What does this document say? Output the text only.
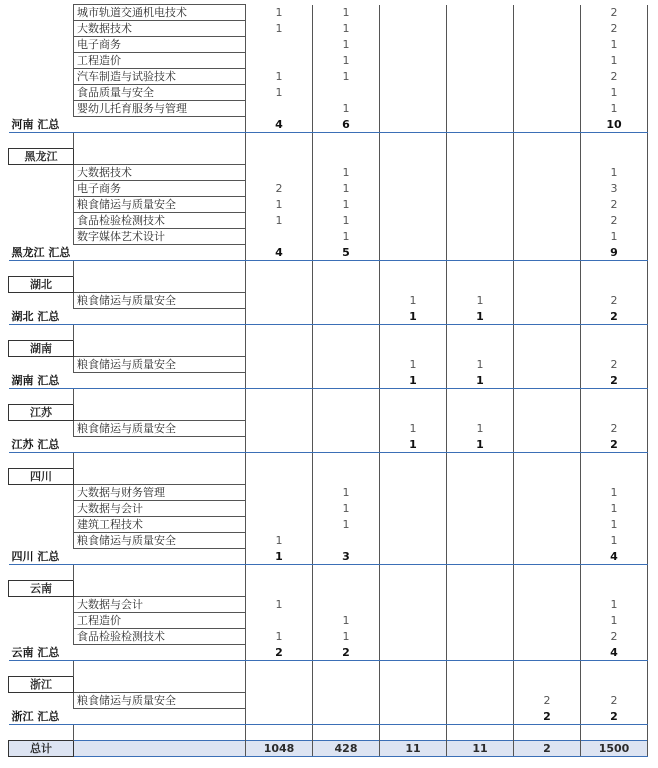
	城市轨道交通机电技术	1	1				2
	大数据技术	1	1				2
	电子商务		1				1
	工程造价		1				1
	汽车制造与试验技术	1	1				2
	食品质量与安全	1					1
	婴幼儿托育服务与管理		1				1
河南 汇总		4	6				10

黑龙江							
	大数据技术		1				1
	电子商务	2	1				3
	粮食储运与质量安全	1	1				2
	食品检验检测技术	1	1				2
	数字媒体艺术设计		1				1
黑龙江 汇总		4	5				9

湖北							
	粮食储运与质量安全			1	1		2
湖北 汇总				1	1		2

湖南							
	粮食储运与质量安全			1	1		2
湖南 汇总				1	1		2

江苏							
	粮食储运与质量安全			1	1		2
江苏 汇总				1	1		2

四川							
	大数据与财务管理		1				1
	大数据与会计		1				1
	建筑工程技术		1				1
	粮食储运与质量安全	1					1
四川 汇总		1	3				4

云南							
	大数据与会计	1					1
	工程造价		1				1
	食品检验检测技术	1	1				2
云南 汇总		2	2				4

浙江							
	粮食储运与质量安全					2	2
浙江 汇总						2	2

总计		1048	428	11	11	2	1500
